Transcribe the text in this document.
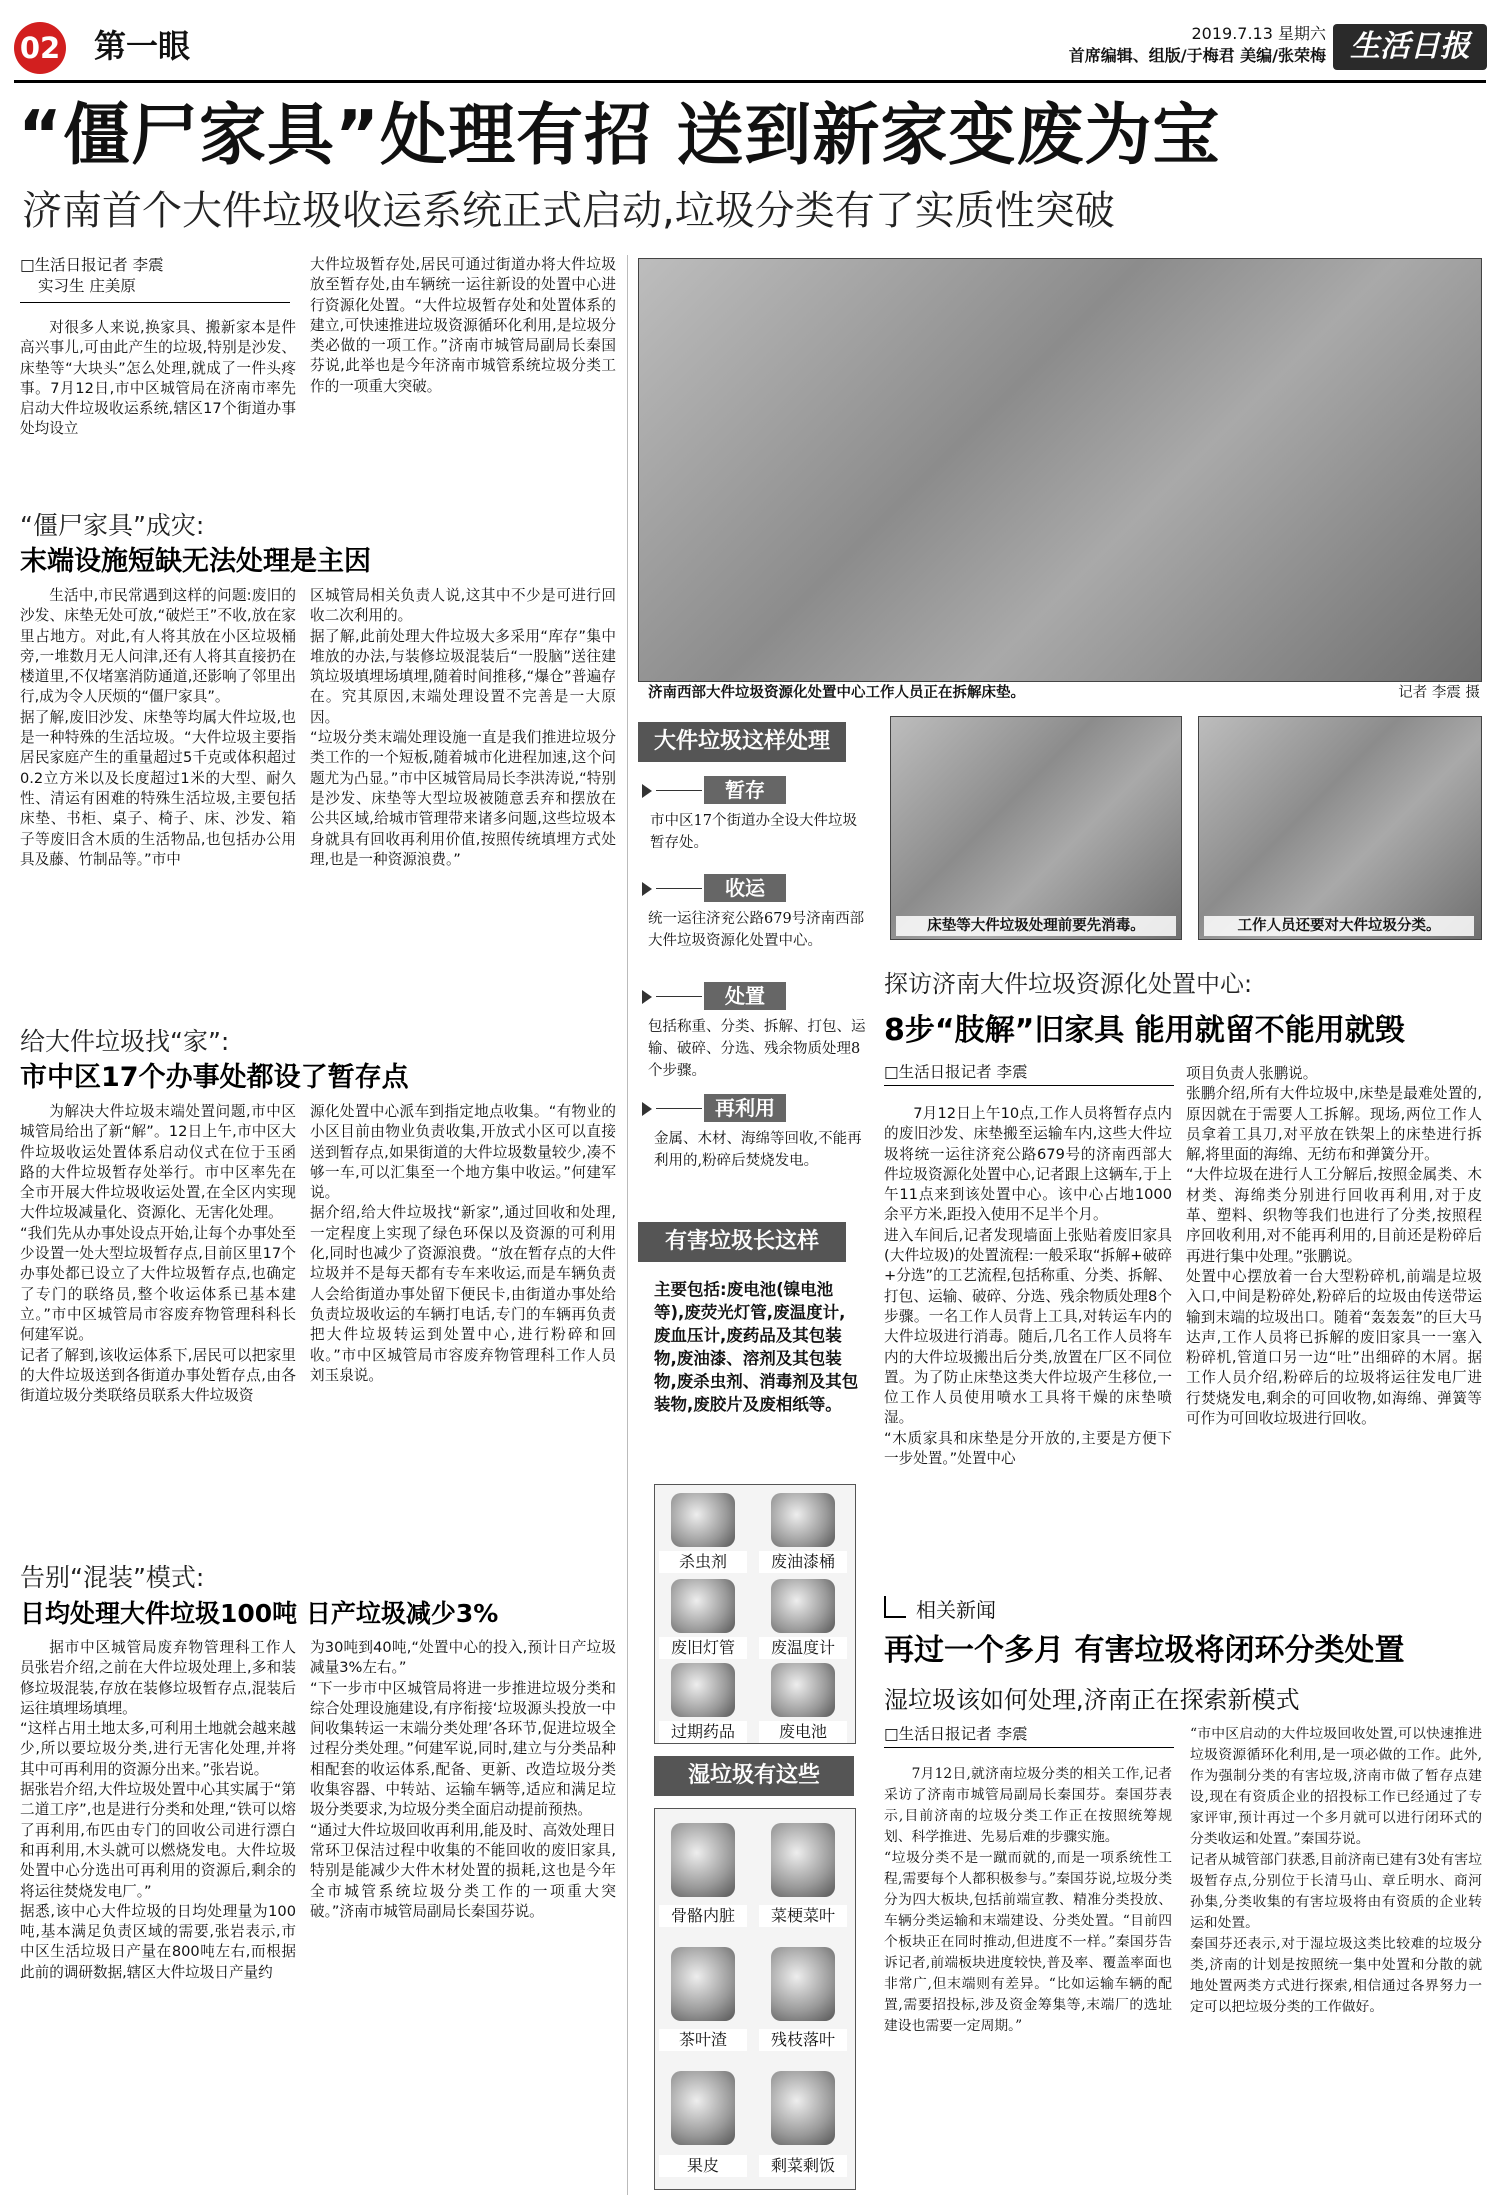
02 第一眼	2019.7.13 星期六
首席编辑、组版/于梅君 美编/张荣梅 生活日报
“僵尸家具”处理有招 送到新家变废为宝
济南首个大件垃圾收运系统正式启动,垃圾分类有了实质性突破
□生活日报记者 李震
实习生 庄美原
对很多人来说,换家具、搬新家本是件高兴事儿,可由此产生的垃圾,特别是沙发、床垫等“大块头”怎么处理,就成了一件头疼事。7月12日,市中区城管局在济南市率先启动大件垃圾收运系统,辖区17个街道办事处均设立
大件垃圾暂存处,居民可通过街道办将大件垃圾放至暂存处,由车辆统一运往新设的处置中心进行资源化处置。“大件垃圾暂存处和处置体系的建立,可快速推进垃圾资源循环化利用,是垃圾分类必做的一项工作。”济南市城管局副局长秦国芬说,此举也是今年济南市城管系统垃圾分类工作的一项重大突破。
“僵尸家具”成灾:
末端设施短缺无法处理是主因
生活中,市民常遇到这样的问题:废旧的沙发、床垫无处可放,“破烂王”不收,放在家里占地方。对此,有人将其放在小区垃圾桶旁,一堆数月无人问津,还有人将其直接扔在楼道里,不仅堵塞消防通道,还影响了邻里出行,成为令人厌烦的“僵尸家具”。
据了解,废旧沙发、床垫等均属大件垃圾,也是一种特殊的生活垃圾。“大件垃圾主要指居民家庭产生的重量超过5千克或体积超过0.2立方米以及长度超过1米的大型、耐久性、清运有困难的特殊生活垃圾,主要包括床垫、书柜、桌子、椅子、床、沙发、箱子等废旧含木质的生活物品,也包括办公用具及藤、竹制品等。”市中
区城管局相关负责人说,这其中不少是可进行回收二次利用的。
据了解,此前处理大件垃圾大多采用“库存”集中堆放的办法,与装修垃圾混装后“一股脑”送往建筑垃圾填埋场填埋,随着时间推移,“爆仓”普遍存在。究其原因,末端处理设置不完善是一大原因。
“垃圾分类末端处理设施一直是我们推进垃圾分类工作的一个短板,随着城市化进程加速,这个问题尤为凸显。”市中区城管局局长李洪涛说,“特别是沙发、床垫等大型垃圾被随意丢弃和摆放在公共区域,给城市管理带来诸多问题,这些垃圾本身就具有回收再利用价值,按照传统填埋方式处理,也是一种资源浪费。”
给大件垃圾找“家”:
市中区17个办事处都设了暂存点
为解决大件垃圾末端处置问题,市中区城管局给出了新“解”。12日上午,市中区大件垃圾收运处置体系启动仪式在位于玉函路的大件垃圾暂存处举行。市中区率先在全市开展大件垃圾收运处置,在全区内实现大件垃圾减量化、资源化、无害化处理。
“我们先从办事处设点开始,让每个办事处至少设置一处大型垃圾暂存点,目前区里17个办事处都已设立了大件垃圾暂存点,也确定了专门的联络员,整个收运体系已基本建立。”市中区城管局市容废弃物管理科科长何建军说。
记者了解到,该收运体系下,居民可以把家里的大件垃圾送到各街道办事处暂存点,由各街道垃圾分类联络员联系大件垃圾资
源化处置中心派车到指定地点收集。“有物业的小区目前由物业负责收集,开放式小区可以直接送到暂存点,如果街道的大件垃圾数量较少,凑不够一车,可以汇集至一个地方集中收运。”何建军说。
据介绍,给大件垃圾找“新家”,通过回收和处理,一定程度上实现了绿色环保以及资源的可利用化,同时也减少了资源浪费。“放在暂存点的大件垃圾并不是每天都有专车来收运,而是车辆负责人会给街道办事处留下便民卡,由街道办事处给负责垃圾收运的车辆打电话,专门的车辆再负责把大件垃圾转运到处置中心,进行粉碎和回收。”市中区城管局市容废弃物管理科工作人员刘玉泉说。
告别“混装”模式:
日均处理大件垃圾100吨 日产垃圾减少3%
据市中区城管局废弃物管理科工作人员张岩介绍,之前在大件垃圾处理上,多和装修垃圾混装,存放在装修垃圾暂存点,混装后运往填埋场填埋。
“这样占用土地太多,可利用土地就会越来越少,所以要垃圾分类,进行无害化处理,并将其中可再利用的资源分出来。”张岩说。
据张岩介绍,大件垃圾处置中心其实属于“第二道工序”,也是进行分类和处理,“铁可以熔了再利用,布匹由专门的回收公司进行漂白和再利用,木头就可以燃烧发电。大件垃圾处置中心分选出可再利用的资源后,剩余的将运往焚烧发电厂。”
据悉,该中心大件垃圾的日均处理量为100吨,基本满足负责区域的需要,张岩表示,市中区生活垃圾日产量在800吨左右,而根据此前的调研数据,辖区大件垃圾日产量约
为30吨到40吨,“处置中心的投入,预计日产垃圾减量3%左右。”
“下一步市中区城管局将进一步推进垃圾分类和综合处理设施建设,有序衔接‘垃圾源头投放一中间收集转运一末端分类处理’各环节,促进垃圾全过程分类处理。”何建军说,同时,建立与分类品种相配套的收运体系,配备、更新、改造垃圾分类收集容器、中转站、运输车辆等,适应和满足垃圾分类要求,为垃圾分类全面启动提前预热。
“通过大件垃圾回收再利用,能及时、高效处理日常环卫保洁过程中收集的不能回收的废旧家具,特别是能减少大件木材处置的损耗,这也是今年全市城管系统垃圾分类工作的一项重大突破。”济南市城管局副局长秦国芬说。
济南西部大件垃圾资源化处置中心工作人员正在拆解床垫。	记者 李震 摄
床垫等大件垃圾处理前要先消毒。	工作人员还要对大件垃圾分类。
大件垃圾这样处理
暂存
市中区17个街道办全设大件垃圾暂存处。
收运
统一运往济兖公路679号济南西部大件垃圾资源化处置中心。
处置
包括称重、分类、拆解、打包、运输、破碎、分选、残余物质处理8个步骤。
再利用
金属、木材、海绵等回收,不能再利用的,粉碎后焚烧发电。
有害垃圾长这样
主要包括:废电池(镍电池等),废荧光灯管,废温度计,废血压计,废药品及其包装物,废油漆、溶剂及其包装物,废杀虫剂、消毒剂及其包装物,废胶片及废相纸等。
杀虫剂	废油漆桶
废旧灯管	废温度计
过期药品	废电池
湿垃圾有这些
骨骼内脏	菜梗菜叶
茶叶渣	残枝落叶
果皮	剩菜剩饭
探访济南大件垃圾资源化处置中心:
8步“肢解”旧家具 能用就留不能用就毁
□生活日报记者 李震
7月12日上午10点,工作人员将暂存点内的废旧沙发、床垫搬至运输车内,这些大件垃圾将统一运往济兖公路679号的济南西部大件垃圾资源化处置中心,记者跟上这辆车,于上午11点来到该处置中心。该中心占地1000余平方米,距投入使用不足半个月。
进入车间后,记者发现墙面上张贴着废旧家具(大件垃圾)的处置流程:一般采取“拆解+破碎+分选”的工艺流程,包括称重、分类、拆解、打包、运输、破碎、分选、残余物质处理8个步骤。一名工作人员背上工具,对转运车内的大件垃圾进行消毒。随后,几名工作人员将车内的大件垃圾搬出后分类,放置在厂区不同位置。为了防止床垫这类大件垃圾产生移位,一位工作人员使用喷水工具将干燥的床垫喷湿。
“木质家具和床垫是分开放的,主要是方便下一步处置。”处置中心
项目负责人张鹏说。
张鹏介绍,所有大件垃圾中,床垫是最难处置的,原因就在于需要人工拆解。现场,两位工作人员拿着工具刀,对平放在铁架上的床垫进行拆解,将里面的海绵、无纺布和弹簧分开。
“大件垃圾在进行人工分解后,按照金属类、木材类、海绵类分别进行回收再利用,对于皮革、塑料、织物等我们也进行了分类,按照程序回收利用,对不能再利用的,目前还是粉碎后再进行集中处理。”张鹏说。
处置中心摆放着一台大型粉碎机,前端是垃圾入口,中间是粉碎处,粉碎后的垃圾由传送带运输到末端的垃圾出口。随着“轰轰轰”的巨大马达声,工作人员将已拆解的废旧家具一一塞入粉碎机,管道口另一边“吐”出细碎的木屑。据工作人员介绍,粉碎后的垃圾将运往发电厂进行焚烧发电,剩余的可回收物,如海绵、弹簧等可作为可回收垃圾进行回收。
相关新闻
再过一个多月 有害垃圾将闭环分类处置
湿垃圾该如何处理,济南正在探索新模式
□生活日报记者 李震
7月12日,就济南垃圾分类的相关工作,记者采访了济南市城管局副局长秦国芬。秦国芬表示,目前济南的垃圾分类工作正在按照统筹规划、科学推进、先易后难的步骤实施。
“垃圾分类不是一蹴而就的,而是一项系统性工程,需要每个人都积极参与。”秦国芬说,垃圾分类分为四大板块,包括前端宣教、精准分类投放、车辆分类运输和末端建设、分类处置。“目前四个板块正在同时推动,但进度不一样。”秦国芬告诉记者,前端板块进度较快,普及率、覆盖率面也非常广,但末端则有差异。“比如运输车辆的配置,需要招投标,涉及资金筹集等,末端厂的选址建设也需要一定周期。”
“市中区启动的大件垃圾回收处置,可以快速推进垃圾资源循环化利用,是一项必做的工作。此外,作为强制分类的有害垃圾,济南市做了暂存点建设,现在有资质企业的招投标工作已经通过了专家评审,预计再过一个多月就可以进行闭环式的分类收运和处置。”秦国芬说。
记者从城管部门获悉,目前济南已建有3处有害垃圾暂存点,分别位于长清马山、章丘明水、商河孙集,分类收集的有害垃圾将由有资质的企业转运和处置。
秦国芬还表示,对于湿垃圾这类比较难的垃圾分类,济南的计划是按照统一集中处置和分散的就地处置两类方式进行探索,相信通过各界努力一定可以把垃圾分类的工作做好。
